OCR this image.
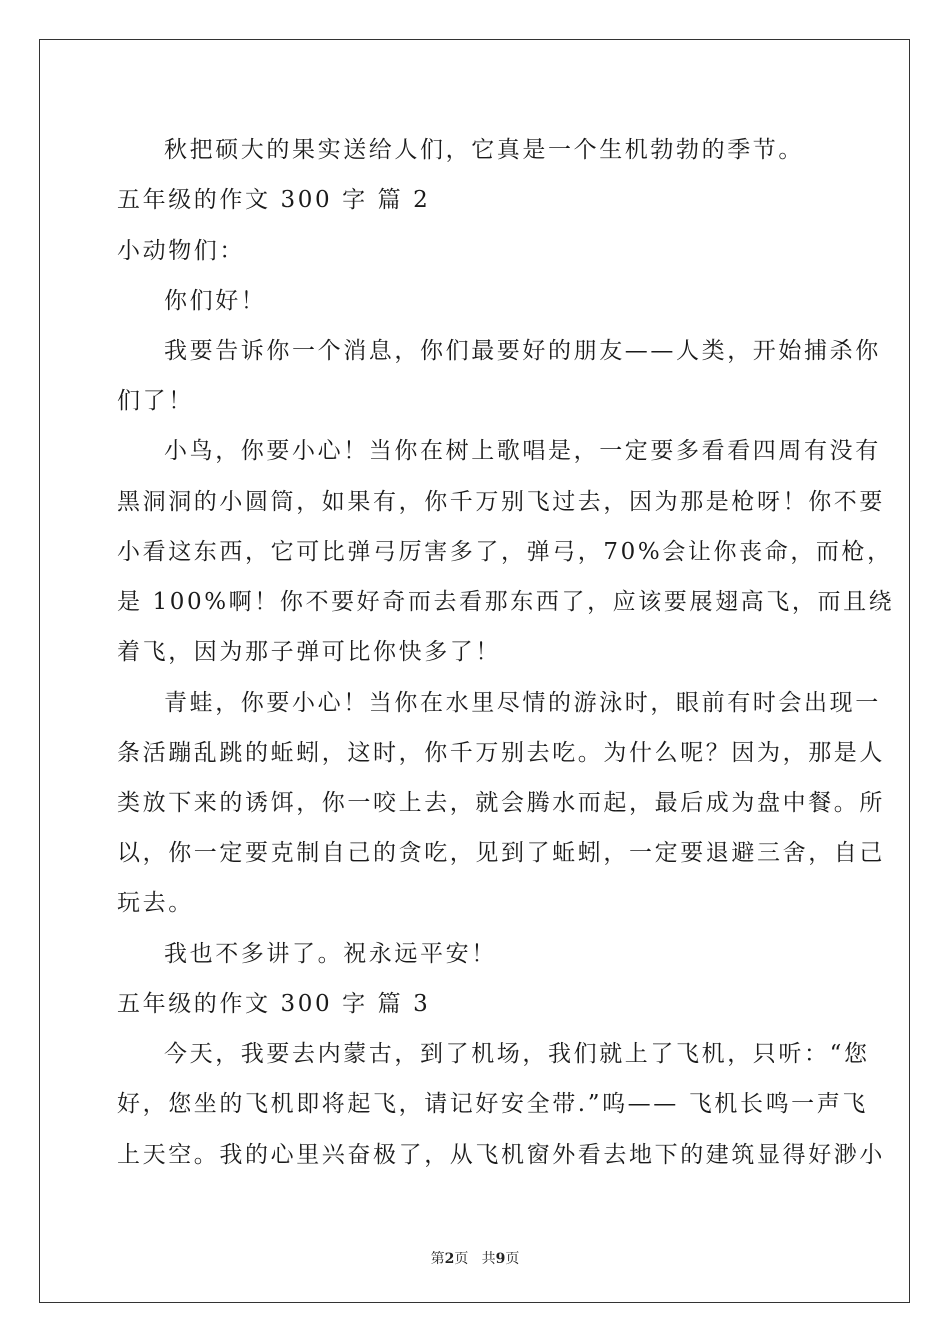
秋把硕大的果实送给人们，它真是一个生机勃勃的季节。
五年级的作文 300 字 篇 2
小动物们：
你们好！
我要告诉你一个消息，你们最要好的朋友——人类，开始捕杀你
们了！
小鸟，你要小心！当你在树上歌唱是，一定要多看看四周有没有
黑洞洞的小圆筒，如果有，你千万别飞过去，因为那是枪呀！你不要
小看这东西，它可比弹弓厉害多了，弹弓，70%会让你丧命，而枪，
是 100%啊！你不要好奇而去看那东西了，应该要展翅高飞，而且绕
着飞，因为那子弹可比你快多了！
青蛙，你要小心！当你在水里尽情的游泳时，眼前有时会出现一
条活蹦乱跳的蚯蚓，这时，你千万别去吃。为什么呢？因为，那是人
类放下来的诱饵，你一咬上去，就会腾水而起，最后成为盘中餐。所
以，你一定要克制自己的贪吃，见到了蚯蚓，一定要退避三舍，自己
玩去。
我也不多讲了。祝永远平安！
五年级的作文 300 字 篇 3
今天，我要去内蒙古，到了机场，我们就上了飞机，只听：“您
好，您坐的飞机即将起飞，请记好安全带.”呜—— 飞机长鸣一声飞
上天空。我的心里兴奋极了，从飞机窗外看去地下的建筑显得好渺小
第2页 共9页
